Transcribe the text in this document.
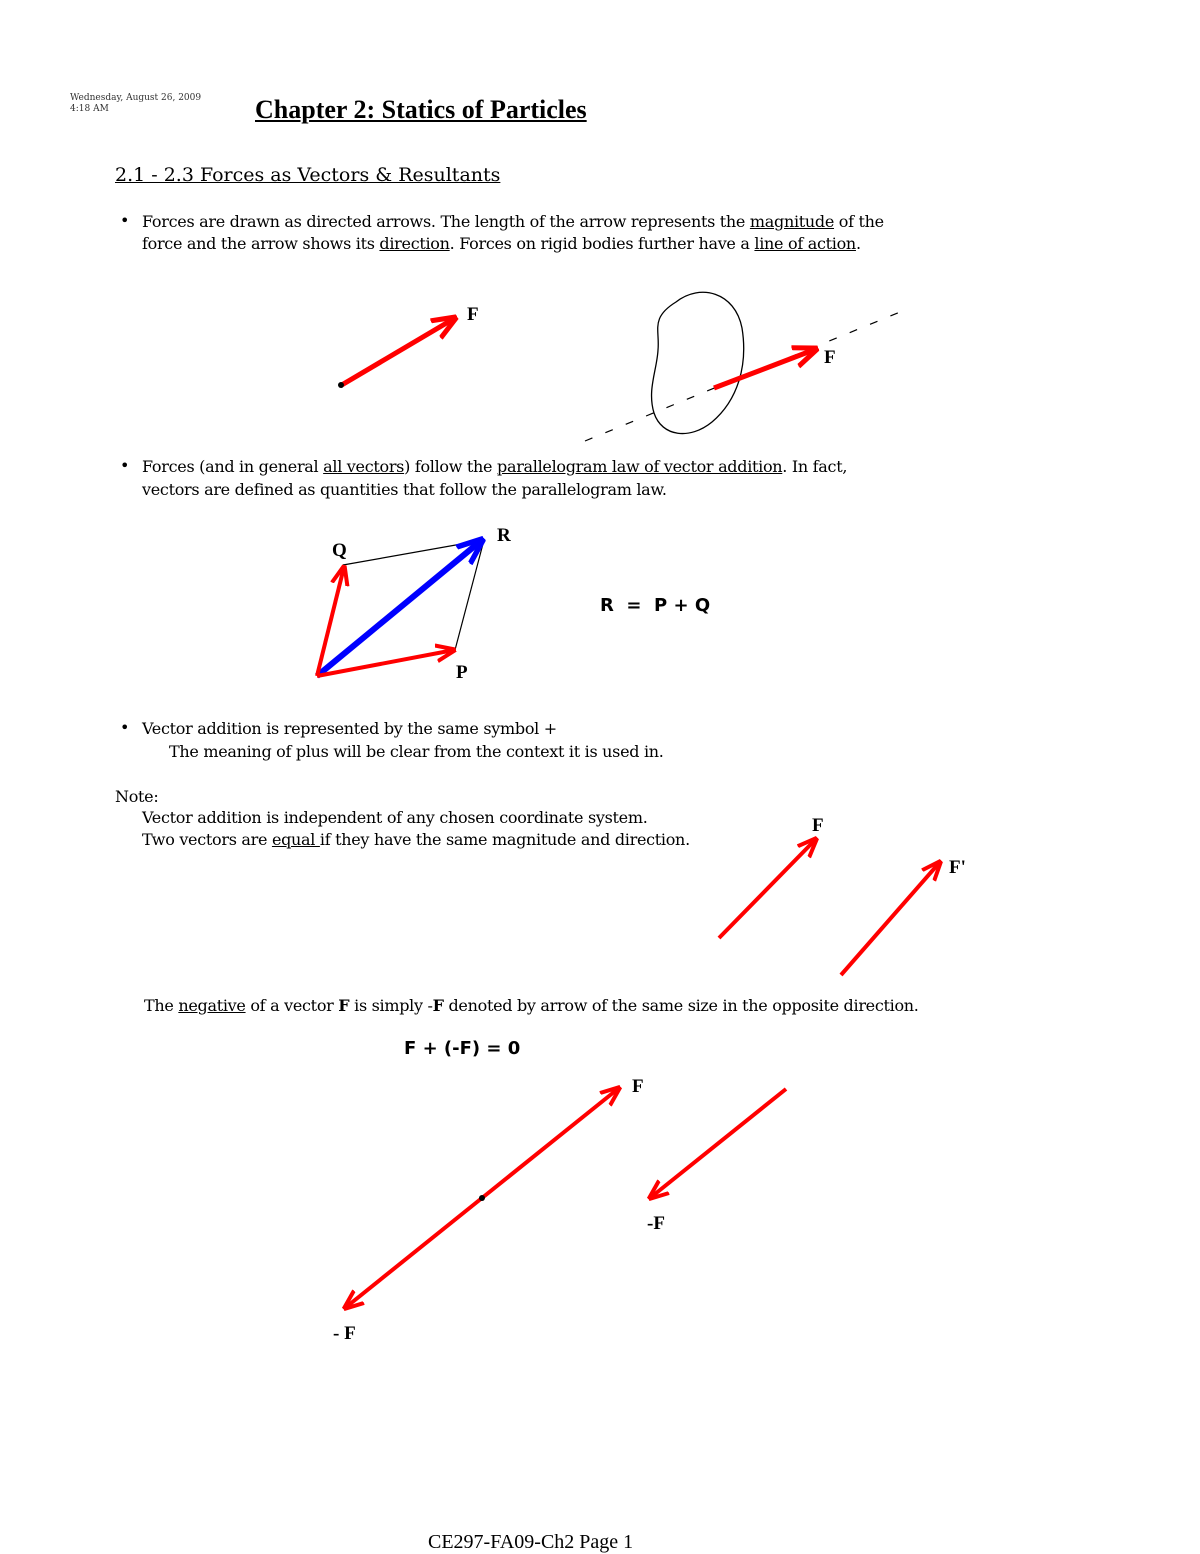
Wednesday, August 26, 2009
4:18 AM	Chapter 2: Statics of Particles
2.1 - 2.3 Forces as Vectors & Resultants
• Forces are drawn as directed arrows. The length of the arrow represents the magnitude of the
force and the arrow shows its direction. Forces on rigid bodies further have a line of action.
• Forces (and in general all vectors) follow the parallelogram law of vector addition. In fact,
vectors are defined as quantities that follow the parallelogram law.
• Vector addition is represented by the same symbol +
The meaning of plus will be clear from the context it is used in.
Note:
Vector addition is independent of any chosen coordinate system.
Two vectors are equal if they have the same magnitude and direction.
The negative of a vector F is simply -F denoted by arrow of the same size in the opposite direction.
F + (-F) = 0
F
F
Q
R
P
R  =  P + Q
F
F'
F
-F
- F
CE297-FA09-Ch2 Page 1
